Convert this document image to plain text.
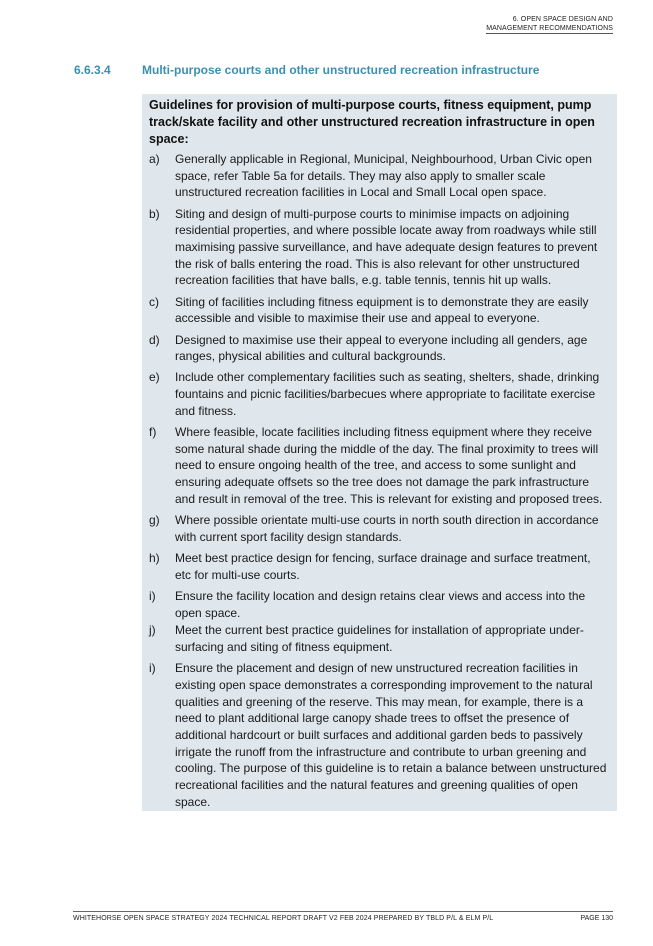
6. OPEN SPACE DESIGN AND
MANAGEMENT RECOMMENDATIONS
6.6.3.4	Multi-purpose courts and other unstructured recreation infrastructure
Guidelines for provision of multi-purpose courts, fitness equipment, pump track/skate facility and other unstructured recreation infrastructure in open space:
a)	Generally applicable in Regional, Municipal, Neighbourhood, Urban Civic open space, refer Table 5a for details. They may also apply to smaller scale unstructured recreation facilities in Local and Small Local open space.
b)	Siting and design of multi-purpose courts to minimise impacts on adjoining residential properties, and where possible locate away from roadways while still maximising passive surveillance, and have adequate design features to prevent the risk of balls entering the road. This is also relevant for other unstructured recreation facilities that have balls, e.g. table tennis, tennis hit up walls.
c)	Siting of facilities including fitness equipment is to demonstrate they are easily accessible and visible to maximise their use and appeal to everyone.
d)	Designed to maximise use their appeal to everyone including all genders, age ranges, physical abilities and cultural backgrounds.
e)	Include other complementary facilities such as seating, shelters, shade, drinking fountains and picnic facilities/barbecues where appropriate to facilitate exercise and fitness.
f)	Where feasible, locate facilities including fitness equipment where they receive some natural shade during the middle of the day. The final proximity to trees will need to ensure ongoing health of the tree, and access to some sunlight and ensuring adequate offsets so the tree does not damage the park infrastructure and result in removal of the tree. This is relevant for existing and proposed trees.
g)	Where possible orientate multi-use courts in north south direction in accordance with current sport facility design standards.
h)	Meet best practice design for fencing, surface drainage and surface treatment, etc for multi-use courts.
i)	Ensure the facility location and design retains clear views and access into the open space.
j)	Meet the current best practice guidelines for installation of appropriate under-surfacing and siting of fitness equipment.
i)	Ensure the placement and design of new unstructured recreation facilities in existing open space demonstrates a corresponding improvement to the natural qualities and greening of the reserve. This may mean, for example, there is a need to plant additional large canopy shade trees to offset the presence of additional hardcourt or built surfaces and additional garden beds to passively irrigate the runoff from the infrastructure and contribute to urban greening and cooling. The purpose of this guideline is to retain a balance between unstructured recreational facilities and the natural features and greening qualities of open space.
WHITEHORSE OPEN SPACE STRATEGY 2024 TECHNICAL REPORT DRAFT V2 FEB 2024 PREPARED BY TBLD P/L & ELM P/L	PAGE 130
